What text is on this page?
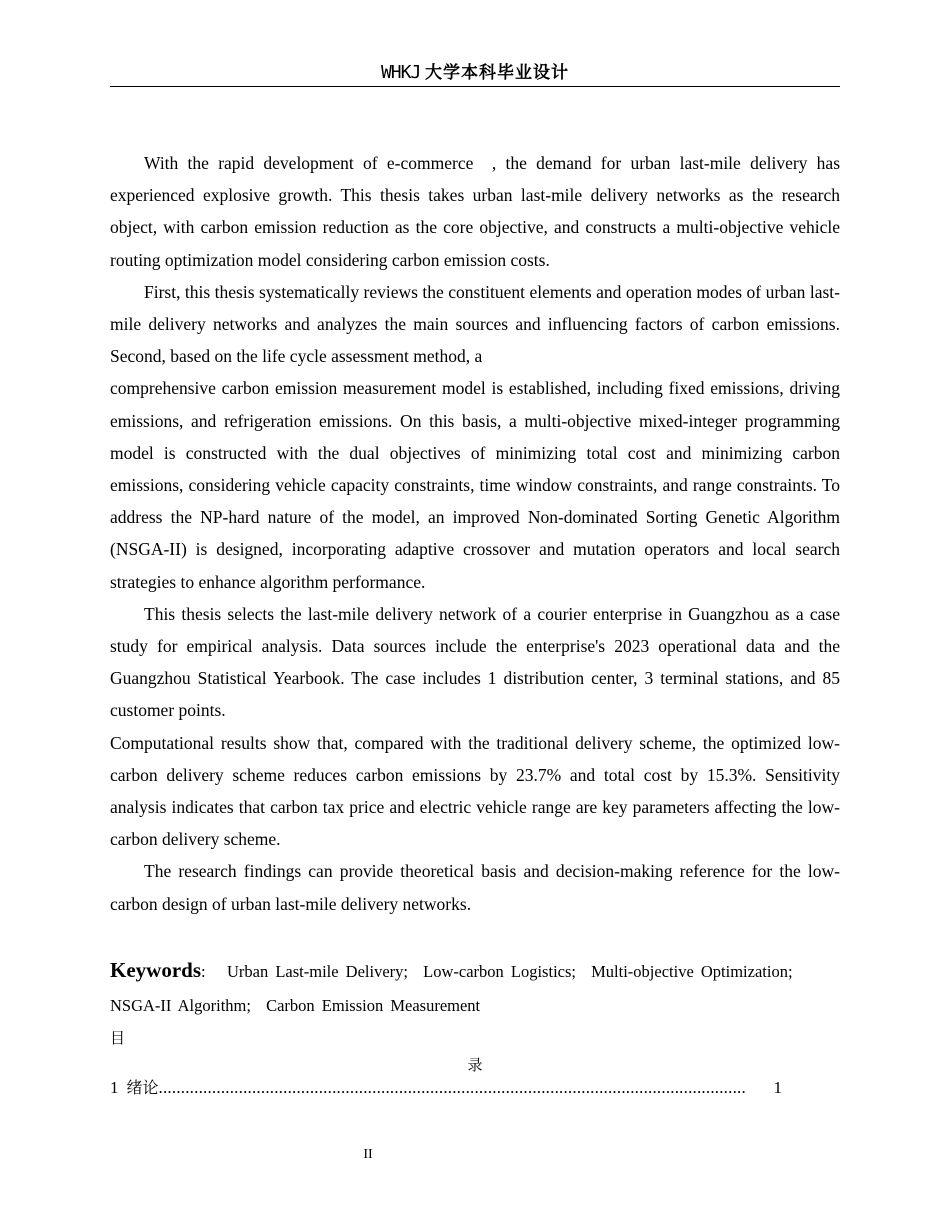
WHKJ 大学本科毕业设计

With the rapid development of e-commerce  , the demand for urban last-mile delivery has experienced explosive growth. This thesis takes urban last-mile delivery networks as the research object, with carbon emission reduction as the core objective, and constructs a multi-objective vehicle routing optimization model considering carbon emission costs.

First, this thesis systematically reviews the constituent elements and operation modes of urban last-mile delivery networks and analyzes the main sources and influencing factors of carbon emissions. Second, based on the life cycle assessment method, a

comprehensive carbon emission measurement model is established, including fixed emissions, driving emissions, and refrigeration emissions. On this basis, a multi-objective mixed-integer programming model is constructed with the dual objectives of minimizing total cost and minimizing carbon emissions, considering vehicle capacity constraints, time window constraints, and range constraints. To address the NP-hard nature of the model, an improved Non-dominated Sorting Genetic Algorithm (NSGA-II) is designed, incorporating adaptive crossover and mutation operators and local search strategies to enhance algorithm performance.

This thesis selects the last-mile delivery network of a courier enterprise in Guangzhou as a case study for empirical analysis. Data sources include the enterprise's 2023 operational data and the Guangzhou Statistical Yearbook. The case includes 1 distribution center, 3 terminal stations, and 85 customer points.

Computational results show that, compared with the traditional delivery scheme, the optimized low-carbon delivery scheme reduces carbon emissions by 23.7% and total cost by 15.3%. Sensitivity analysis indicates that carbon tax price and electric vehicle range are key parameters affecting the low-carbon delivery scheme.

The research findings can provide theoretical basis and decision-making reference for the low-carbon design of urban last-mile delivery networks.

Keywords: Urban Last-mile Delivery; Low-carbon Logistics; Multi-objective Optimization; NSGA-II Algorithm; Carbon Emission Measurement
目
录
1 绪论 ....................................................................................................................................	1
II
